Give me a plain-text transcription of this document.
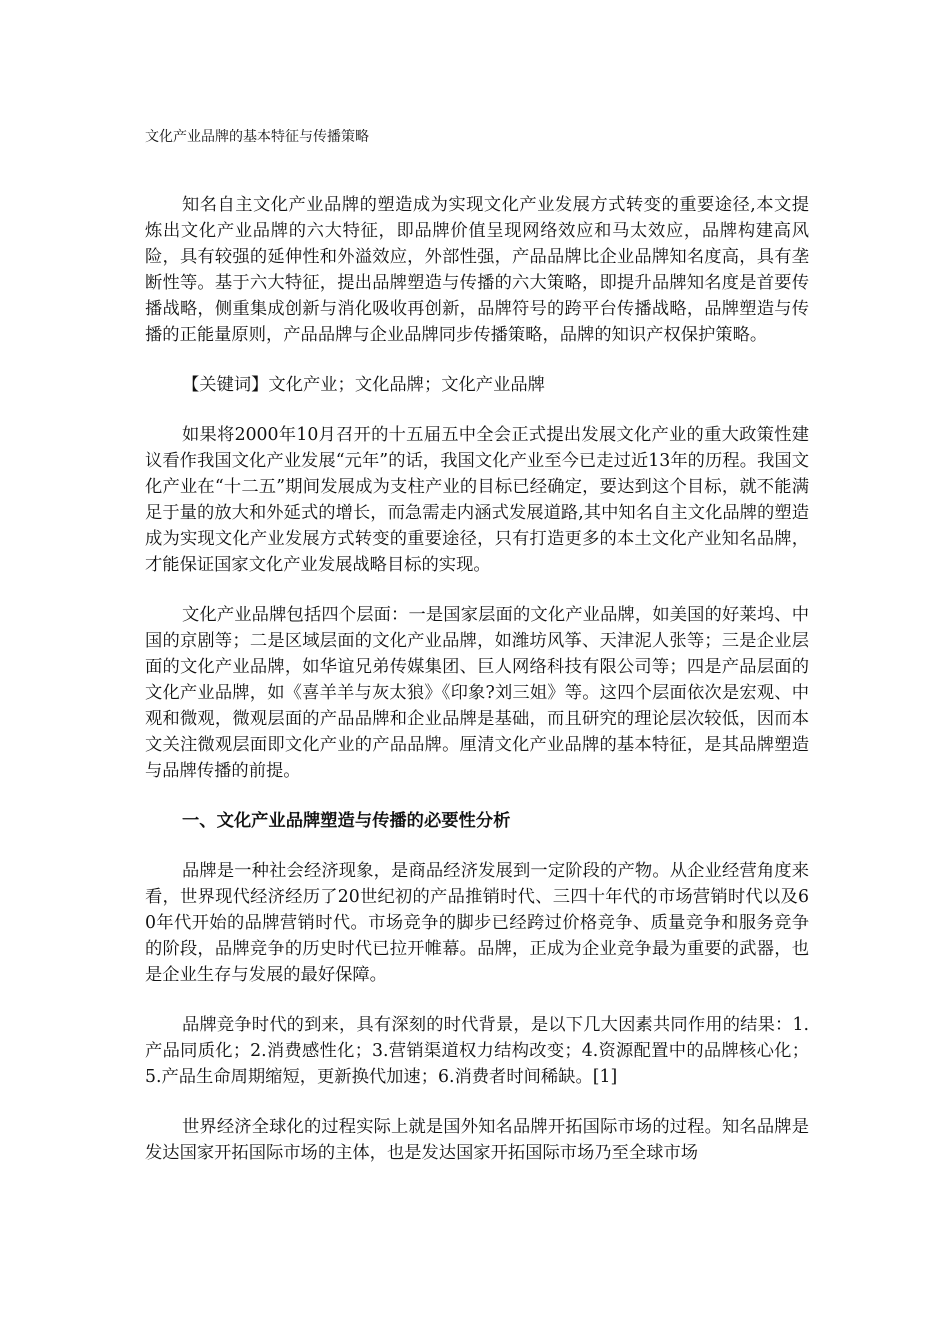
文化产业品牌的基本特征与传播策略

知名自主文化产业品牌的塑造成为实现文化产业发展方式转变的重要途径,本文提炼出文化产业品牌的六大特征，即品牌价值呈现网络效应和马太效应，品牌构建高风险，具有较强的延伸性和外溢效应，外部性强，产品品牌比企业品牌知名度高，具有垄断性等。基于六大特征，提出品牌塑造与传播的六大策略，即提升品牌知名度是首要传播战略，侧重集成创新与消化吸收再创新，品牌符号的跨平台传播战略，品牌塑造与传播的正能量原则，产品品牌与企业品牌同步传播策略，品牌的知识产权保护策略。

【关键词】文化产业；文化品牌；文化产业品牌

如果将2000年10月召开的十五届五中全会正式提出发展文化产业的重大政策性建议看作我国文化产业发展“元年”的话，我国文化产业至今已走过近13年的历程。我国文化产业在“十二五”期间发展成为支柱产业的目标已经确定，要达到这个目标，就不能满足于量的放大和外延式的增长，而急需走内涵式发展道路,其中知名自主文化品牌的塑造成为实现文化产业发展方式转变的重要途径，只有打造更多的本土文化产业知名品牌，才能保证国家文化产业发展战略目标的实现。

文化产业品牌包括四个层面：一是国家层面的文化产业品牌，如美国的好莱坞、中国的京剧等；二是区域层面的文化产业品牌，如潍坊风筝、天津泥人张等；三是企业层面的文化产业品牌，如华谊兄弟传媒集团、巨人网络科技有限公司等；四是产品层面的文化产业品牌，如《喜羊羊与灰太狼》《印象?刘三姐》等。这四个层面依次是宏观、中观和微观，微观层面的产品品牌和企业品牌是基础，而且研究的理论层次较低，因而本文关注微观层面即文化产业的产品品牌。厘清文化产业品牌的基本特征，是其品牌塑造与品牌传播的前提。

一、文化产业品牌塑造与传播的必要性分析

品牌是一种社会经济现象，是商品经济发展到一定阶段的产物。从企业经营角度来看，世界现代经济经历了20世纪初的产品推销时代、三四十年代的市场营销时代以及60年代开始的品牌营销时代。市场竞争的脚步已经跨过价格竞争、质量竞争和服务竞争的阶段，品牌竞争的历史时代已拉开帷幕。品牌，正成为企业竞争最为重要的武器，也是企业生存与发展的最好保障。

品牌竞争时代的到来，具有深刻的时代背景，是以下几大因素共同作用的结果：1.产品同质化；2.消费感性化；3.营销渠道权力结构改变；4.资源配置中的品牌核心化；5.产品生命周期缩短，更新换代加速；6.消费者时间稀缺。[1]

世界经济全球化的过程实际上就是国外知名品牌开拓国际市场的过程。知名品牌是发达国家开拓国际市场的主体，也是发达国家开拓国际市场乃至全球市场
